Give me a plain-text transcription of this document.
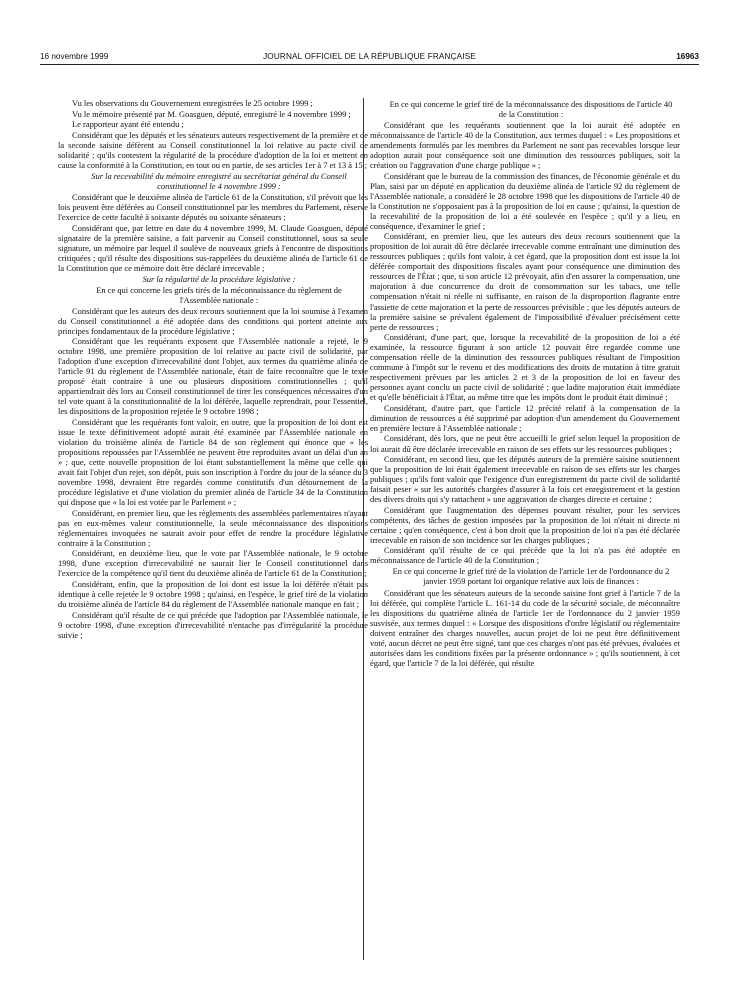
16 novembre 1999	JOURNAL OFFICIEL DE LA RÉPUBLIQUE FRANÇAISE	16963

Vu les observations du Gouvernement enregistrées le 25 octobre 1999 ;

Vu le mémoire présenté par M. Goasguen, député, enregistré le 4 novembre 1999 ;

Le rapporteur ayant été entendu ;

Considérant que les députés et les sénateurs auteurs respectivement de la première et de la seconde saisine défèrent au Conseil constitutionnel la loi relative au pacte civil de solidarité ; qu'ils contestent la régularité de la procédure d'adoption de la loi et mettent en cause la conformité à la Constitution, en tout ou en partie, de ses articles 1er à 7 et 13 à 15 ;

Sur la recevabilité du mémoire enregistré au secrétariat général du Conseil constitutionnel le 4 novembre 1999 :

Considérant que le deuxième alinéa de l'article 61 de la Constitution, s'il prévoit que les lois peuvent être déférées au Conseil constitutionnel par les membres du Parlement, réserve l'exercice de cette faculté à soixante députés ou soixante sénateurs ;

Considérant que, par lettre en date du 4 novembre 1999, M. Claude Goasguen, député signataire de la première saisine, a fait parvenir au Conseil constitutionnel, sous sa seule signature, un mémoire par lequel il soulève de nouveaux griefs à l'encontre de dispositions critiquées ; qu'il résulte des dispositions sus-rappelées du deuxième alinéa de l'article 61 de la Constitution que ce mémoire doit être déclaré irrecevable ;

Sur la régularité de la procédure législative :

En ce qui concerne les griefs tirés de la méconnaissance du règlement de l'Assemblée nationale :

Considérant que les auteurs des deux recours soutiennent que la loi soumise à l'examen du Conseil constitutionnel a été adoptée dans des conditions qui portent atteinte aux principes fondamentaux de la procédure législative ;

Considérant que les requérants exposent que l'Assemblée nationale a rejeté, le 9 octobre 1998, une première proposition de loi relative au pacte civil de solidarité, par l'adoption d'une exception d'irrecevabilité dont l'objet, aux termes du quatrième alinéa de l'article 91 du règlement de l'Assemblée nationale, était de faire reconnaître que le texte proposé était contraire à une ou plusieurs dispositions constitutionnelles ; qu'il appartiendrait dès lors au Conseil constitutionnel de tirer les conséquences nécessaires d'un tel vote quant à la constitutionnalité de la loi déférée, laquelle reprendrait, pour l'essentiel, les dispositions de la proposition rejetée le 9 octobre 1998 ;

Considérant que les requérants font valoir, en outre, que la proposition de loi dont est issue le texte définitivement adopté aurait été examinée par l'Assemblée nationale en violation du troisième alinéa de l'article 84 de son règlement qui énonce que « les propositions repoussées par l'Assemblée ne peuvent être reproduites avant un délai d'un an » ; que, cette nouvelle proposition de loi étant substantiellement la même que celle qui avait fait l'objet d'un rejet, son dépôt, puis son inscription à l'ordre du jour de la séance du 3 novembre 1998, devraient être regardés comme constitutifs d'un détournement de la procédure législative et d'une violation du premier alinéa de l'article 34 de la Constitution qui dispose que « la loi est votée par le Parlement » ;

Considérant, en premier lieu, que les règlements des assemblées parlementaires n'ayant pas en eux-mêmes valeur constitutionnelle, la seule méconnaissance des dispositions réglementaires invoquées ne saurait avoir pour effet de rendre la procédure législative contraire à la Constitution ;

Considérant, en deuxième lieu, que le vote par l'Assemblée nationale, le 9 octobre 1998, d'une exception d'irrecevabilité ne saurait lier le Conseil constitutionnel dans l'exercice de la compétence qu'il tient du deuxième alinéa de l'article 61 de la Constitution ;

Considérant, enfin, que la proposition de loi dont est issue la loi déférée n'était pas identique à celle rejetée le 9 octobre 1998 ; qu'ainsi, en l'espèce, le grief tiré de la violation du troisième alinéa de l'article 84 du règlement de l'Assemblée nationale manque en fait ;

Considérant qu'il résulte de ce qui précède que l'adoption par l'Assemblée nationale, le 9 octobre 1998, d'une exception d'irrecevabilité n'entache pas d'irrégularité la procédure suivie ;

En ce qui concerne le grief tiré de la méconnaissance des dispositions de l'article 40 de la Constitution :

Considérant que les requérants soutiennent que la loi aurait été adoptée en méconnaissance de l'article 40 de la Constitution, aux termes duquel : « Les propositions et amendements formulés par les membres du Parlement ne sont pas recevables lorsque leur adoption aurait pour conséquence soit une diminution des ressources publiques, soit la création ou l'aggravation d'une charge publique » ;

Considérant que le bureau de la commission des finances, de l'économie générale et du Plan, saisi par un député en application du deuxième alinéa de l'article 92 du règlement de l'Assemblée nationale, a considéré le 28 octobre 1998 que les dispositions de l'article 40 de la Constitution ne s'opposaient pas à la proposition de loi en cause ; qu'ainsi, la question de la recevabilité de la proposition de loi a été soulevée en l'espèce ; qu'il y a lieu, en conséquence, d'examiner le grief ;

Considérant, en premier lieu, que les auteurs des deux recours soutiennent que la proposition de loi aurait dû être déclarée irrecevable comme entraînant une diminution des ressources publiques ; qu'ils font valoir, à cet égard, que la proposition dont est issue la loi déférée comportait des dispositions fiscales ayant pour conséquence une diminution des ressources de l'État ; que, si son article 12 prévoyait, afin d'en assurer la compensation, une majoration à due concurrence du droit de consommation sur les tabacs, une telle compensation n'était ni réelle ni suffisante, en raison de la disproportion flagrante entre l'assiette de cette majoration et la perte de ressources prévisible ; que les députés auteurs de la première saisine se prévalent également de l'impossibilité d'évaluer précisément cette perte de ressources ;

Considérant, d'une part, que, lorsque la recevabilité de la proposition de loi a été examinée, la ressource figurant à son article 12 pouvait être regardée comme une compensation réelle de la diminution des ressources publiques résultant de l'imposition commune à l'impôt sur le revenu et des modifications des droits de mutation à titre gratuit respectivement prévues par les articles 2 et 3 de la proposition de loi en faveur des personnes ayant conclu un pacte civil de solidarité ; que ladite majoration était immédiate et qu'elle bénéficiait à l'État, au même titre que les impôts dont le produit était diminué ;

Considérant, d'autre part, que l'article 12 précité relatif à la compensation de la diminution de ressources a été supprimé par adoption d'un amendement du Gouvernement en première lecture à l'Assemblée nationale ;

Considérant, dès lors, que ne peut être accueilli le grief selon lequel la proposition de loi aurait dû être déclarée irrecevable en raison de ses effets sur les ressources publiques ;

Considérant, en second lieu, que les députés auteurs de la première saisine soutiennent que la proposition de loi était également irrecevable en raison de ses effets sur les charges publiques ; qu'ils font valoir que l'exigence d'un enregistrement du pacte civil de solidarité faisait peser « sur les autorités chargées d'assurer à la fois cet enregistrement et la gestion des divers droits qui s'y rattachent » une aggravation de charges directe et certaine ;

Considérant que l'augmentation des dépenses pouvant résulter, pour les services compétents, des tâches de gestion imposées par la proposition de loi n'était ni directe ni certaine ; qu'en conséquence, c'est à bon droit que la proposition de loi n'a pas été déclarée irrecevable en raison de son incidence sur les charges publiques ;

Considérant qu'il résulte de ce qui précède que la loi n'a pas été adoptée en méconnaissance de l'article 40 de la Constitution ;

En ce qui concerne le grief tiré de la violation de l'article 1er de l'ordonnance du 2 janvier 1959 portant loi organique relative aux lois de finances :

Considérant que les sénateurs auteurs de la seconde saisine font grief à l'article 7 de la loi déférée, qui complète l'article L. 161-14 du code de la sécurité sociale, de méconnaître les dispositions du quatrième alinéa de l'article 1er de l'ordonnance du 2 janvier 1959 susvisée, aux termes duquel : « Lorsque des dispositions d'ordre législatif ou réglementaire doivent entraîner des charges nouvelles, aucun projet de loi ne peut être définitivement voté, aucun décret ne peut être signé, tant que ces charges n'ont pas été prévues, évaluées et autorisées dans les conditions fixées par la présente ordonnance » ; qu'ils soutiennent, à cet égard, que l'article 7 de la loi déférée, qui résulte
